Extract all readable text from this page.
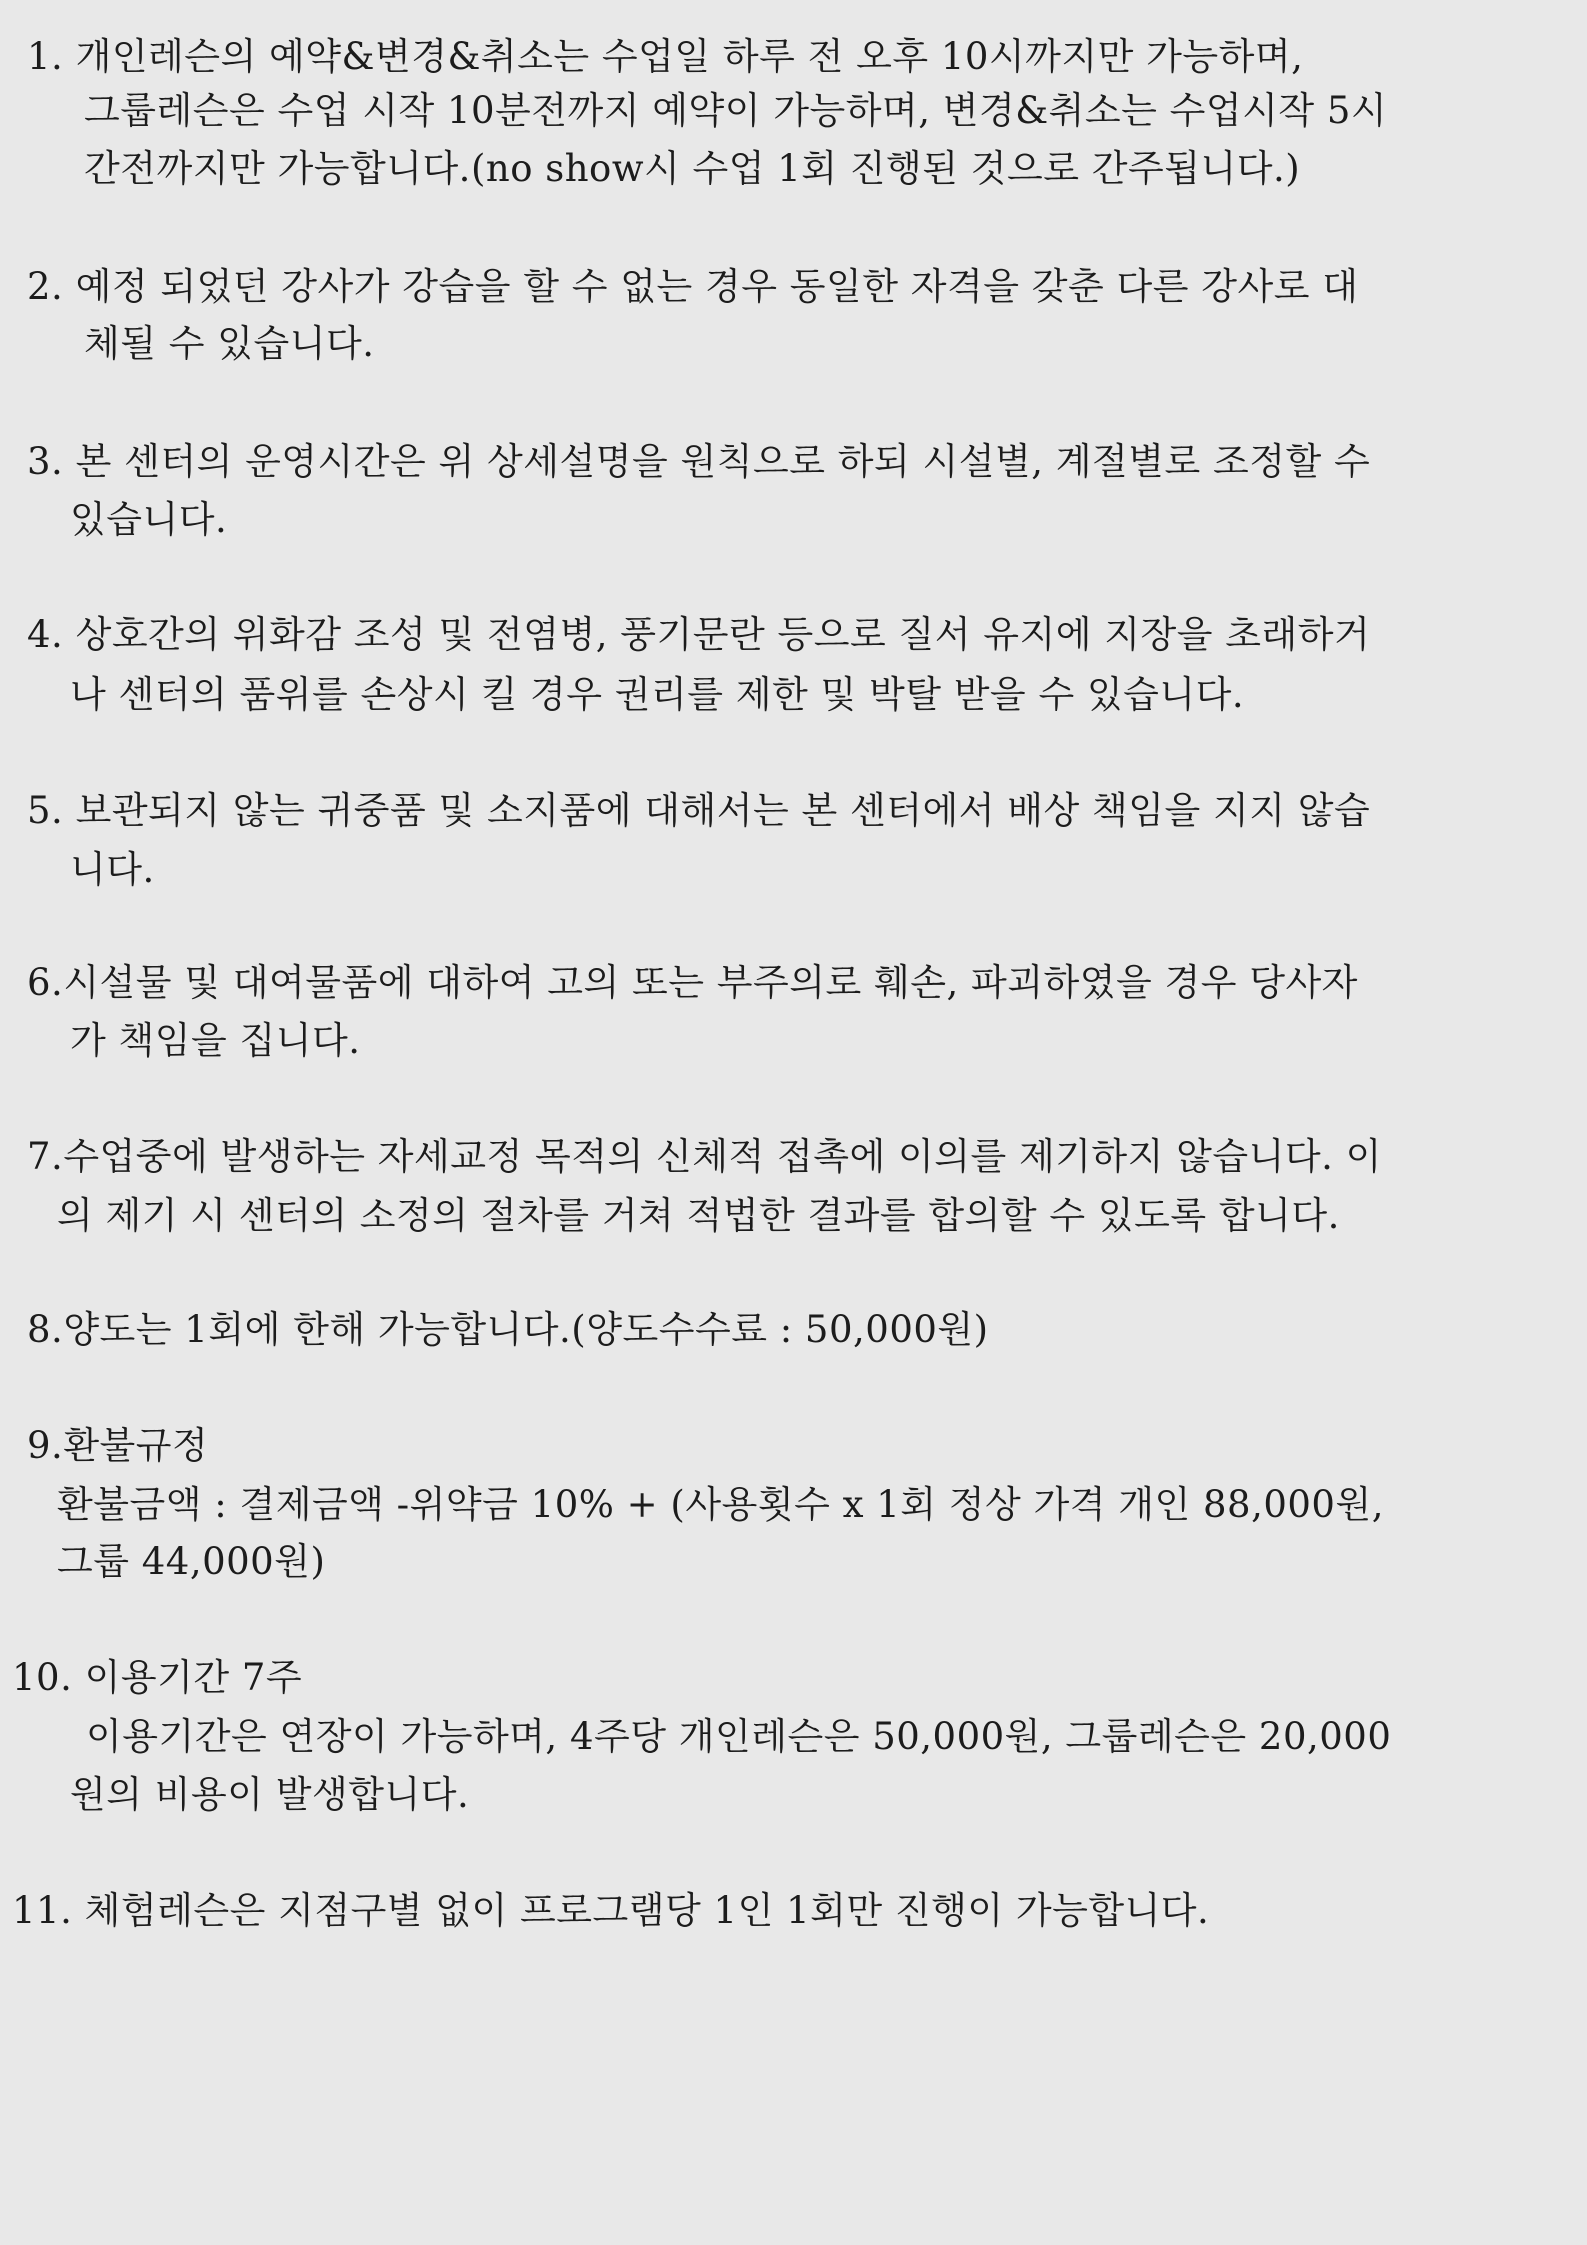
1. 개인레슨의 예약&변경&취소는 수업일 하루 전 오후 10시까지만 가능하며,
그룹레슨은 수업 시작 10분전까지 예약이 가능하며, 변경&취소는 수업시작 5시
간전까지만 가능합니다.(no show시 수업 1회 진행된 것으로 간주됩니다.)
2. 예정 되었던 강사가 강습을 할 수 없는 경우 동일한 자격을 갖춘 다른 강사로 대
체될 수 있습니다.
3. 본 센터의 운영시간은 위 상세설명을 원칙으로 하되 시설별, 계절별로 조정할 수
있습니다.
4. 상호간의 위화감 조성 및 전염병, 풍기문란 등으로 질서 유지에 지장을 초래하거
나 센터의 품위를 손상시 킬 경우 권리를 제한 및 박탈 받을 수 있습니다.
5. 보관되지 않는 귀중품 및 소지품에 대해서는 본 센터에서 배상 책임을 지지 않습
니다.
6.시설물 및 대여물품에 대하여 고의 또는 부주의로 훼손, 파괴하였을 경우 당사자
가 책임을 집니다.
7.수업중에 발생하는 자세교정 목적의 신체적 접촉에 이의를 제기하지 않습니다. 이
의 제기 시 센터의 소정의 절차를 거쳐 적법한 결과를 합의할 수 있도록 합니다.
8.양도는 1회에 한해 가능합니다.(양도수수료 : 50,000원)
9.환불규정
환불금액 : 결제금액 -위약금 10% + (사용횟수 x 1회 정상 가격 개인 88,000원,
그룹 44,000원)
10. 이용기간 7주
이용기간은 연장이 가능하며, 4주당 개인레슨은 50,000원, 그룹레슨은 20,000
원의 비용이 발생합니다.
11. 체험레슨은 지점구별 없이 프로그램당 1인 1회만 진행이 가능합니다.
